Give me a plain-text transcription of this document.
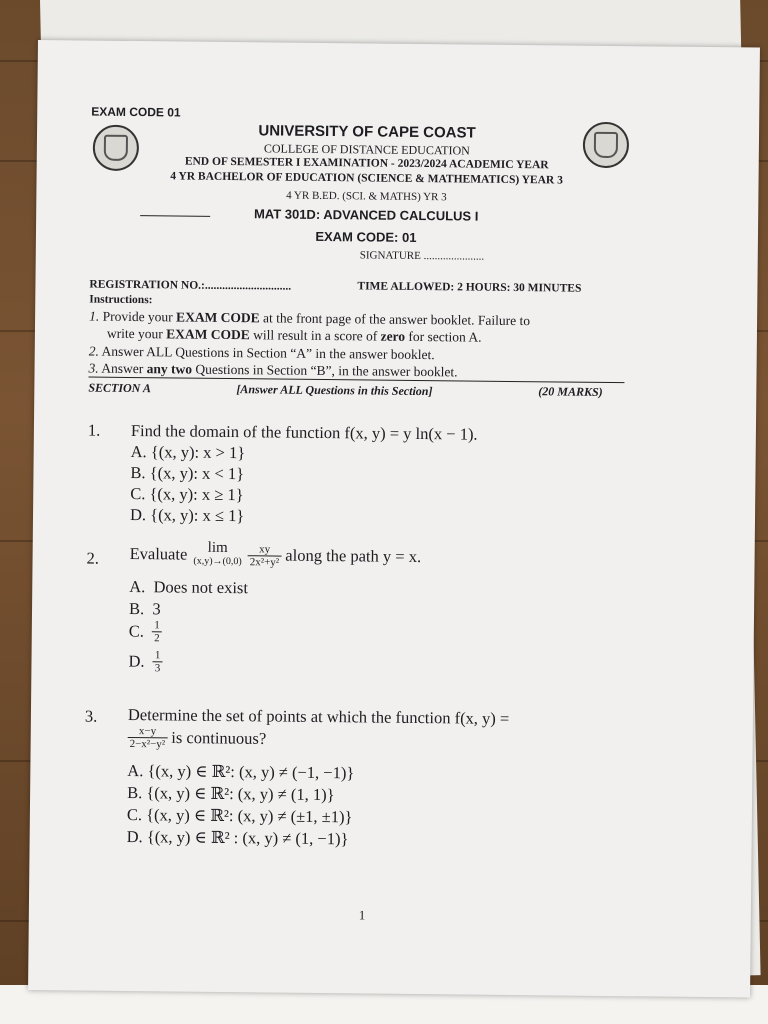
EXAM CODE 01
UNIVERSITY OF CAPE COAST
COLLEGE OF DISTANCE EDUCATION
END OF SEMESTER I EXAMINATION - 2023/2024 ACADEMIC YEAR
4 YR BACHELOR OF EDUCATION (SCIENCE & MATHEMATICS) YEAR 3
4 YR B.ED. (SCI. & MATHS) YR 3
MAT 301D: ADVANCED CALCULUS I
EXAM CODE: 01
SIGNATURE ......................
REGISTRATION NO.:..............................	TIME ALLOWED: 2 HOURS: 30 MINUTES
Instructions:
1. Provide your EXAM CODE at the front page of the answer booklet. Failure to
write your EXAM CODE will result in a score of zero for section A.
2. Answer ALL Questions in Section “A” in the answer booklet.
3. Answer any two Questions in Section “B”, in the answer booklet.
SECTION A	[Answer ALL Questions in this Section]	(20 MARKS)
1. Find the domain of the function f(x, y) = y ln(x − 1).
A. {(x, y): x > 1}
B. {(x, y): x < 1}
C. {(x, y): x ≥ 1}
D. {(x, y): x ≤ 1}
2. Evaluate	lim
(x,y)→(0,0)
$\frac{xy}{\text{2x²+y²}}$ along the path y = x.
A. Does not exist
B. 3
C. $\frac{1}{2}$
D. $\frac{1}{3}$
3. Determine the set of points at which the function f(x, y) =
$\frac{x-y}{\text{2−x²−y²}}$ is continuous?
A. {(x, y) ∈ ℝ²: (x, y) ≠ (−1, −1)}
B. {(x, y) ∈ ℝ²: (x, y) ≠ (1, 1)}
C. {(x, y) ∈ ℝ²: (x, y) ≠ (±1, ±1)}
D. {(x, y) ∈ ℝ² : (x, y) ≠ (1, −1)}
1
